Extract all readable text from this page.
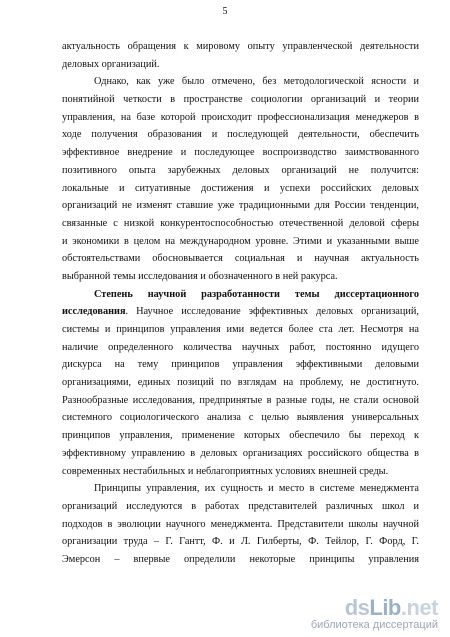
5
актуальность обращения к мировому опыту управленческой деятельности
деловых организаций.
Однако, как уже было отмечено, без методологической ясности и
понятийной четкости в пространстве социологии организаций и теории
управления, на базе которой происходит профессионализация менеджеров в
ходе получения образования и последующей деятельности, обеспечить
эффективное внедрение и последующее воспроизводство заимствованного
позитивного опыта зарубежных деловых организаций не получится:
локальные и ситуативные достижения и успехи российских деловых
организаций не изменят ставшие уже традиционными для России тенденции,
связанные с низкой конкурентоспособностью отечественной деловой сферы
и экономики в целом на международном уровне. Этими и указанными выше
обстоятельствами обосновывается социальная и научная актуальность
выбранной темы исследования и обозначенного в ней ракурса.
Степень научной разработанности темы диссертационного
исследования. Научное исследование эффективных деловых организаций,
системы и принципов управления ими ведется более ста лет. Несмотря на
наличие определенного количества научных работ, постоянно идущего
дискурса на тему принципов управления эффективными деловыми
организациями, единых позиций по взглядам на проблему, не достигнуто.
Разнообразные исследования, предпринятые в разные годы, не стали основой
системного социологического анализа с целью выявления универсальных
принципов управления, применение которых обеспечило бы переход к
эффективному управлению в деловых организациях российского общества в
современных нестабильных и неблагоприятных условиях внешней среды.
Принципы управления, их сущность и место в системе менеджмента
организаций исследуются в работах представителей различных школ и
подходов в эволюции научного менеджмента. Представители школы научной
организации труда – Г. Гантт, Ф. и Л. Гилберты, Ф. Тейлор, Г. Форд, Г.
Эмерсон – впервые определили некоторые принципы управления
dsLib.net
библиотека диссертаций
